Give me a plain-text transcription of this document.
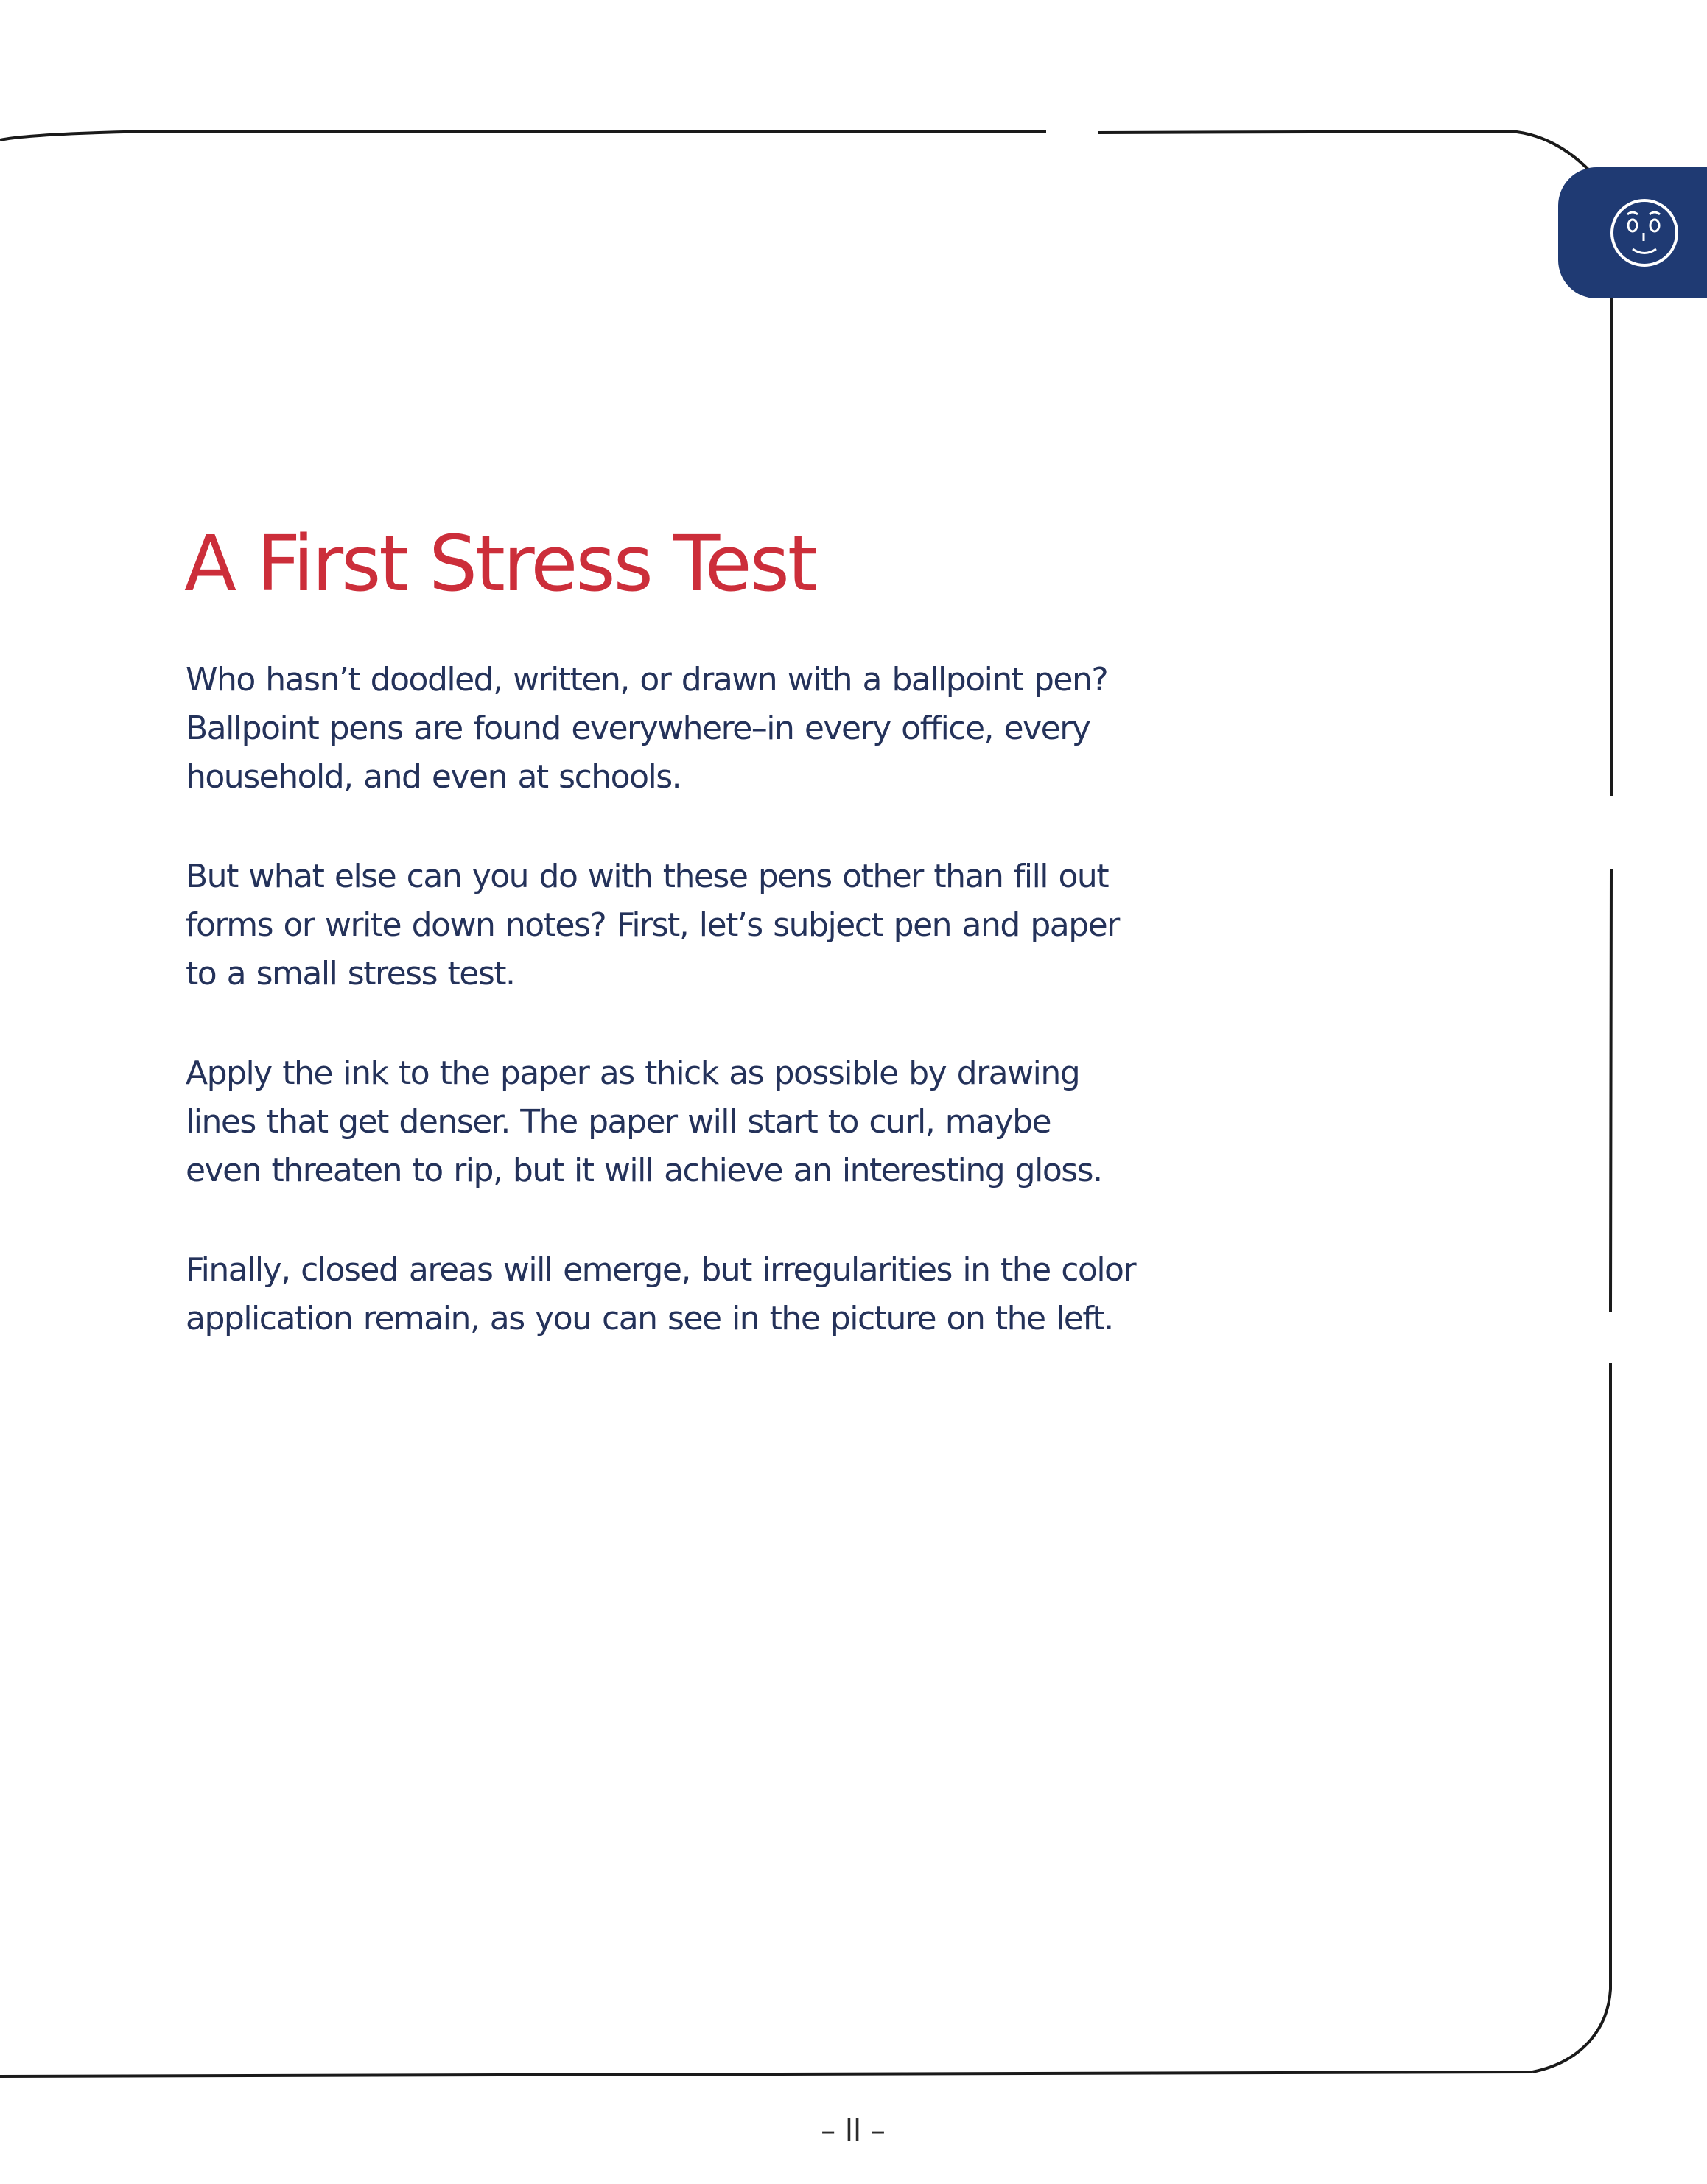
A First Stress Test

Who hasn’t doodled, written, or drawn with a ballpoint pen?
Ballpoint pens are found everywhere–in every office, every
household, and even at schools.

But what else can you do with these pens other than fill out
forms or write down notes? First, let’s subject pen and paper
to a small stress test.

Apply the ink to the paper as thick as possible by drawing
lines that get denser. The paper will start to curl, maybe
even threaten to rip, but it will achieve an interesting gloss.

Finally, closed areas will emerge, but irregularities in the color
application remain, as you can see in the picture on the left.

– ll –
